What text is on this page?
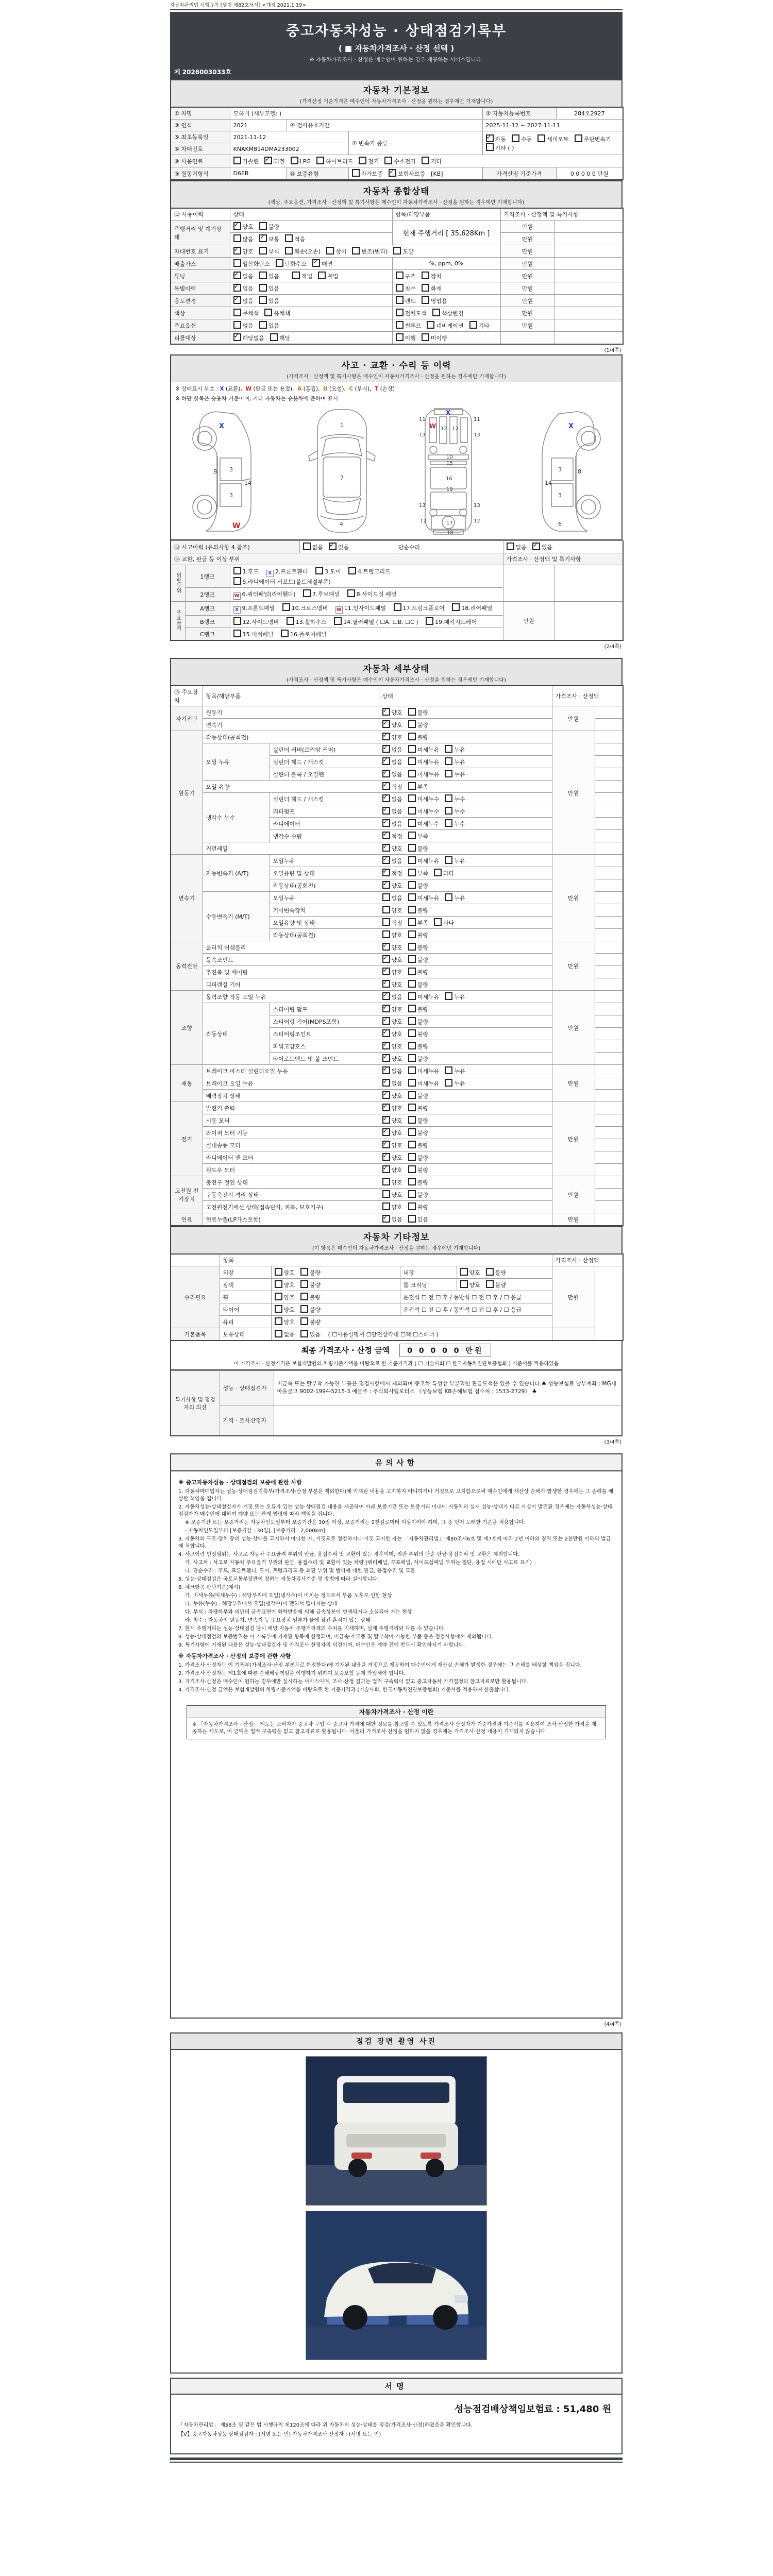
자동차관리법 시행규칙 [별지 제82호서식] <개정 2021.1.19>
중고자동차성능 · 상태점검기록부
( ■ 자동차가격조사 · 산정 선택 )
※ 자동차가격조사 · 산정은 매수인이 원하는 경우 제공하는 서비스입니다.
제 2026003033호
자동차 기본정보
(가격산정 기준가격은 매수인이 자동차가격조사 · 산정을 원하는 경우에만 기재합니다)
① 차명	모하비 (세부모델: )			② 자동차등록번호	284오2927
③ 연식	2021	④ 검사유효기간		2025-11-12 ~ 2027-11-11	
⑤ 최초등록일	2021-11-12		⑦ 변속기 종류	✓자동 수동 세미오토 무단변속기기타 ( )
⑥ 차대번호	KNAKM814DMA233002				
⑧ 사용연료	가솔린 ✓ 디젤 LPG 하이브리드 전기 수소전기 기타
⑨ 원동기형식	D6EB	⑩ 보증유형	자가보증 ✓ 보험사보증 [KB]	가격산정 기준가격	0 0 0 0 0 만원
자동차 종합상태
(색상, 주요옵션, 가격조사 · 산정액 및 특기사항은 매수인이 자동차가격조사 · 산정을 원하는 경우에만 기재합니다)
⑫ 사용이력	상태	항목/해당부품	가격조사 · 산정액 및 특기사항	
주행거리 및 계기상태	✓양호 불량	현재 주행거리 [ 35,628Km ]	만원	
	많음 ✓ 보통 적음		만원	
차대번호 표기	✓양호 부식 훼손(오손) 상이 변조(변타) 도말		만원	
배출가스	일산화탄소 탄화수소 ✓ 매연	%, ppm, 0%	만원	
튜닝	✓없음 있음 적법 불법	구조 장치	만원	
특별이력	✓없음 있음	침수 화재	만원	
용도변경	✓없음 있음	렌트 영업용	만원	
색상	무채색 유채색	전체도색 색상변경	만원	
주요옵션	없음 있음	썬루프 네비게이션 기타	만원	
리콜대상	✓해당없음 해당	이행 미이행		
(1/4쪽)
사고 · 교환 · 수리 등 이력
(가격조사 · 산정액 및 특기사항은 매수인이 자동차가격조사 · 산정을 원하는 경우에만 기재합니다)
※ 상태표시 부호 : X (교환),  W (판금 또는 용접),  A (흠집),  U (요철),  C (부식),  T (손상)
※ 하단 항목은 승용차 기준이며, 기타 자동차는 승용차에 준하여 표시
3
3
8
14
X
W
1
7
4
11	11
13	13
12 12
10
15
16
19
17
18
13	13
12	12
X
W
3
3
8
14
6
X
⑬ 사고이력 (유의사항 4.참조)			없음 ✓ 있음	단순수리	없음 ✓ 있음
⑭ 교환, 판금 등 이상 부위					가격조사 · 산정액 및 특기사항	
외판부위	1랭크	1.후드 X 2.프론트휀더 3.도어 4.트렁크리드 5.라디에이터 서포트(볼트체결부품)				
	2랭크	W 6.쿼터패널(리어휀다) 7.루브패널 8.사이드실 패널				
주요골격	A랭크	X 9.프론트패널 10.크로스멤버 W 11.인사이드패널 17.트렁크플로어 18.리어패널			만원	
	B랭크	12.사이드멤버 13.휠하우스 14.필러패널 ( ☐A, ☐B, ☐C ) 19.패키지트레이				
	C랭크	15.대쉬패널 16.플로어패널				
(2/4쪽)
자동차 세부상태
(가격조사 · 산정액 및 특기사항은 매수인이 자동차가격조사 · 산정을 원하는 경우에만 기재합니다)
⑮ 주요장치	항목/해당부품		상태	가격조사 · 산정액	
자기진단	원동기	✓양호 불량	만원	
	변속기	✓양호 불량	
원동기	작동상태(공회전)	✓양호 불량	만원	
	오일 누유	실린더 커버(로커암 커버)	✓없음 미세누유 누유	
		실린더 헤드 / 개스킷	✓없음 미세누유 누유	
		실린더 블록 / 오일팬	✓없음 미세누유 누유	
	오일 유량	✓적정 부족	
	냉각수 누수	실린더 헤드 / 개스킷	✓없음 미세누수 누수	
		워터펌프	✓없음 미세누수 누수	
		라디에이터	✓없음 미세누수 누수	
		냉각수 수량	✓적정 부족	
	커먼레일	✓양호 불량	
변속기	자동변속기 (A/T)	오일누유	✓없음 미세누유 누유	만원	
		오일유량 및 상태	✓적정 부족 과다	
		작동상태(공회전)	✓양호 불량	
	수동변속기 (M/T)	오일누유	없음 미세누유 누유		
		기어변속장치	양호 불량		
		오일유량 및 상태	적정 부족 과다		
		작동상태(공회전)	양호 불량		
동력전달	클러치 어셈블리	✓양호 불량	만원	
	등속조인트	✓양호 불량	
	추진축 및 베어링	✓양호 불량	
	디퍼렌셜 기어	✓양호 불량	
조향	동력조향 작동 오일 누유	✓없음 미세누유 누유	만원	
	작동상태	스티어링 펌프	✓양호 불량	
		스티어링 기어(MDPS포함)	✓양호 불량	
		스티어링조인트	✓양호 불량	
		파워고압호스	✓양호 불량	
		타이로드엔드 및 볼 조인트	✓양호 불량	
제동	브레이크 마스터 실린더오일 누유	✓없음 미세누유 누유	만원	
	브레이크 오일 누유	✓없음 미세누유 누유	
	배력장치 상태	✓양호 불량	
전기	발전기 출력	✓양호 불량	만원	
	시동 모터	✓양호 불량	
	와이퍼 모터 기능	✓양호 불량	
	실내송풍 모터	✓양호 불량	
	라디에이터 팬 모터	✓양호 불량	
	윈도우 모터	✓양호 불량	
고전원 전기장치	충전구 절연 상태		양호 불량	만원	
	구동축전지 격리 상태		양호 불량		
	고전원전기배선 상태(접속단자, 피복, 보호기구)		양호 불량		
연료	연료누출(LP가스포함)	✓없음 있음	만원	
자동차 기타정보
(이 항목은 매수인이 자동차가격조사 · 산정을 원하는 경우에만 기재합니다)
	항목				가격조사 · 산정액	
수리필요	외장	양호 불량	내장	양호 불량	만원	
	광택	양호 불량	룸 크리닝	양호 불량		
	휠	양호 불량	운전석 ☐ 전 ☐ 후 / 동반석 ☐ 전 ☐ 후 / ☐ 응급			
	타이어	양호 불량	운전석 ☐ 전 ☐ 후 / 동반석 ☐ 전 ☐ 후 / ☐ 응급			
	유리	양호 불량				
기본품목	보유상태	없음 있음 ( ☐사용설명서 ☐안전삼각대 ☐잭 ☐스패너 )				
최종 가격조사 · 산정 금액 0 0 0 0 0 만원
이 가격조사 · 산정가격은 보험개발원의 차량기준가액을 바탕으로 한 기준가격과 ( ☐ 기술사회 ☐ 한국자동차진단보증협회 ) 기준서를 적용하였음
특기사항 및 점검자의 의견	성능 · 상태점검자	비금속 또는 탈부착 가능한 부품은 점검사항에서 제외되며 중고차 특성상 부분적인 판금도색은 있을 수 있습니다.♣ 성능보험료 납부계좌 : MG새마을금고 9002-1994-5215-3 예금주 : 주식회사팀모터스 《성능보험 KB손해보험 접수처 : 1533-2729》 ♣
	가격 · 조사산정자	
(3/4쪽)
유의사항
※ 중고자동차성능 · 상태점검의 보증에 관한 사항
1. 자동차매매업자는 성능·상태점검기록부(가격조사·산정 부분은 제외한다)에 기재된 내용을 고지하지 아니하거나 거짓으로 고지함으로써 매수인에게 재산상 손해가 발생한 경우에는 그 손해를 배상할 책임을 집니다.
2. 자동차성능·상태점검자가 거짓 또는 오류가 있는 성능·상태점검 내용을 제공하여 아래 보증기간 또는 보증거리 이내에 자동차의 실제 성능·상태가 다른 사실이 발견된 경우에는 자동차성능·상태점검자가 매수인에 대하여 계약 또는 관계 법령에 따라 책임을 집니다.
※ 보증기간 또는 보증거리는 자동차인도일부터 보증기간은 30일 이상, 보증거리는 2천킬로미터 이상이어야 하며, 그 중 먼저 도래한 기준을 적용합니다.
- 자동차인도일부터 [보증기간 : 30일], [보증거리 : 2,000km]
3. 자동차의 구조·장치 등의 성능·상태를 고지하지 아니한 자, 거짓으로 점검하거나 거짓 고지한 자는 「자동차관리법」 제80조제6호 및 제7호에 따라 2년 이하의 징역 또는 2천만원 이하의 벌금에 처합니다.
4. 사고이력 인정범위는 사고로 자동차 주요골격 부위의 판금, 용접수리 및 교환이 있는 경우이며, 외판 부위의 단순 판금·용접수리 및 교환은 제외합니다.
가. 사고차 : 사고로 자동차 주요골격 부위의 판금, 용접수리 및 교환이 있는 차량 (쿼터패널, 루프패널, 사이드실패널 부위는 절단, 용접 시에만 사고로 표기)
나. 단순수리 : 후드, 프론트휀더, 도어, 트렁크리드 등 외판 부위 및 범퍼에 대한 판금, 용접수리 및 교환
5. 성능·상태점검은 국토교통부장관이 정하는 자동차검사기준 및 방법에 따라 실시합니다.
6. 체크항목 판단기준(예시)
가. 미세누유(미세누수) : 해당부위에 오일(냉각수)이 비치는 정도로서 부품 노후로 인한 현상
나. 누유(누수) : 해당부위에서 오일(냉각수)이 맺혀서 떨어지는 상태
다. 부식 : 차량하부와 외판의 금속표면이 화학반응에 의해 금속성분이 변색되거나 소실되어 가는 현상
라. 침수 : 자동차의 원동기, 변속기 등 주요장치 일부가 물에 잠긴 흔적이 있는 상태
7. 현재 주행거리는 성능·상태점검 당시 해당 자동차 주행거리계의 수치를 기재하며, 실제 주행거리와 다를 수 있습니다.
8. 성능·상태점검의 보증범위는 이 기록부에 기재된 항목에 한정되며, 비금속·소모품 및 탈부착이 가능한 부품 등은 점검사항에서 제외됩니다.
9. 특기사항에 기재된 내용은 성능·상태점검자 및 가격조사·산정자의 의견이며, 매수인은 계약 전에 반드시 확인하시기 바랍니다.
※ 자동차가격조사 · 산정의 보증에 관한 사항
1. 가격조사·산정자는 이 기록부(가격조사·산정 부분으로 한정한다)에 기재된 내용을 거짓으로 제공하여 매수인에게 재산상 손해가 발생한 경우에는 그 손해를 배상할 책임을 집니다.
2. 가격조사·산정자는 제1호에 따른 손해배상책임을 이행하기 위하여 보증보험 등에 가입해야 합니다.
3. 가격조사·산정은 매수인이 원하는 경우에만 실시하는 서비스이며, 조사·산정 결과는 법적 구속력이 없고 중고자동차 가격결정의 참고자료로만 활용됩니다.
4. 가격조사·산정 금액은 보험개발원의 차량기준가액을 바탕으로 한 기준가격과 (기술사회, 한국자동차진단보증협회) 기준서를 적용하여 산출합니다.
자동차가격조사 · 산정 이란
※ 「자동차가격조사 · 산정」 제도는 소비자가 중고차 구입 시 중고차 가격에 대한 정보를 참고할 수 있도록 가격조사·산정자가 기준가격과 기준서를 적용하여 조사·산정한 가격을 제공하는 제도로, 이 금액은 법적 구속력은 없고 참고자료로 활용됩니다. 아울러 가격조사·산정을 원하지 않을 경우에는 가격조사·산정 내용이 기재되지 않습니다.
(4/4쪽)
점검 장면 촬영 사진
서명
성능점검배상책임보험료 : 51,480 원
「자동차관리법」 제58조 및 같은 법 시행규칙 제120조에 따라 위 자동차의 성능·상태를 점검(가격조사·산정)하였음을 확인합니다.
【Ⅴ】중고자동차성능·상태점검자 : (서명 또는 인) 자동차가격조사·산정자 : (서명 또는 인)
